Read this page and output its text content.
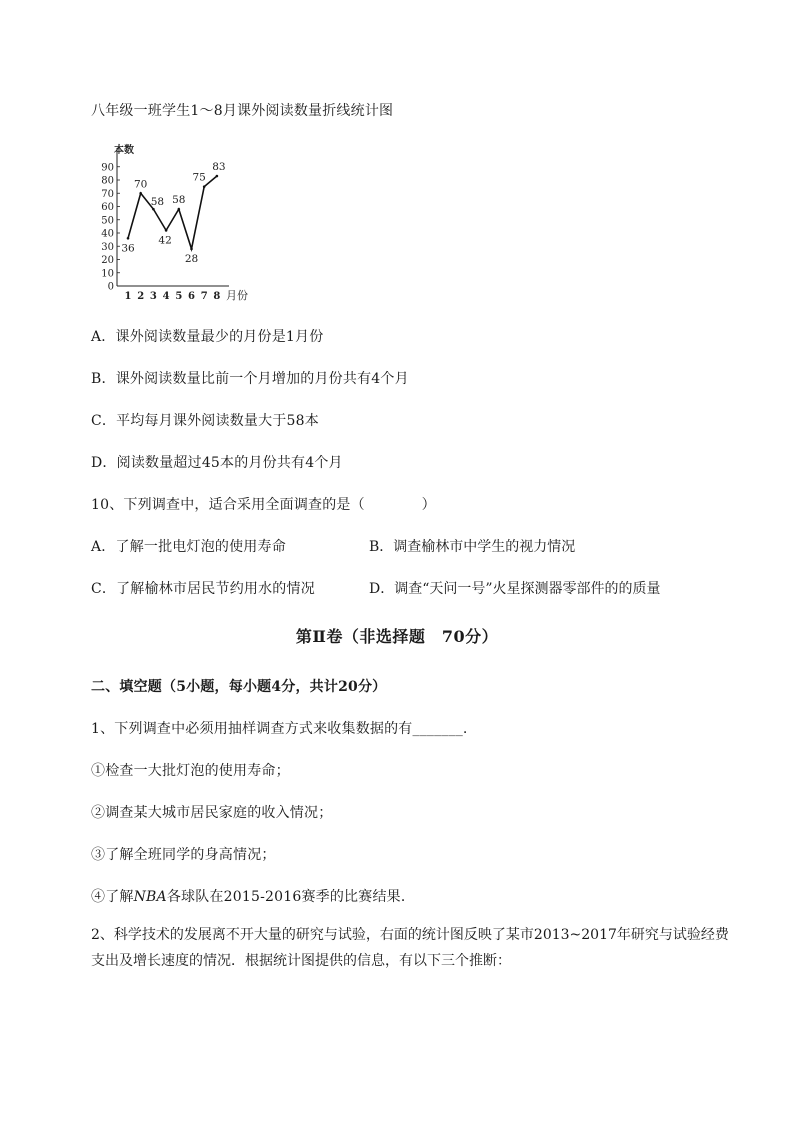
八年级一班学生1～8月课外阅读数量折线统计图
0
10
20
30
40
50
60
70
80
90
1 2 3 4 5 6 7 8
36
70
58
42
58
28
75
83
本数
月份
A．课外阅读数量最少的月份是1月份
B．课外阅读数量比前一个月增加的月份共有4个月
C．平均每月课外阅读数量大于58本
D．阅读数量超过45本的月份共有4个月
10、下列调查中，适合采用全面调查的是（　　　　）
A．了解一批电灯泡的使用寿命	B．调查榆林市中学生的视力情况
C．了解榆林市居民节约用水的情况	D．调查“天问一号”火星探测器零部件的的质量
第Ⅱ卷（非选择题　70分）
二、填空题（5小题，每小题4分，共计20分）
1、下列调查中必须用抽样调查方式来收集数据的有_______.
①检查一大批灯泡的使用寿命；
②调查某大城市居民家庭的收入情况；
③了解全班同学的身高情况；
④了解NBA各球队在2015-2016赛季的比赛结果．
2、科学技术的发展离不开大量的研究与试验，右面的统计图反映了某市2013~2017年研究与试验经费支出及增长速度的情况．根据统计图提供的信息，有以下三个推断：
